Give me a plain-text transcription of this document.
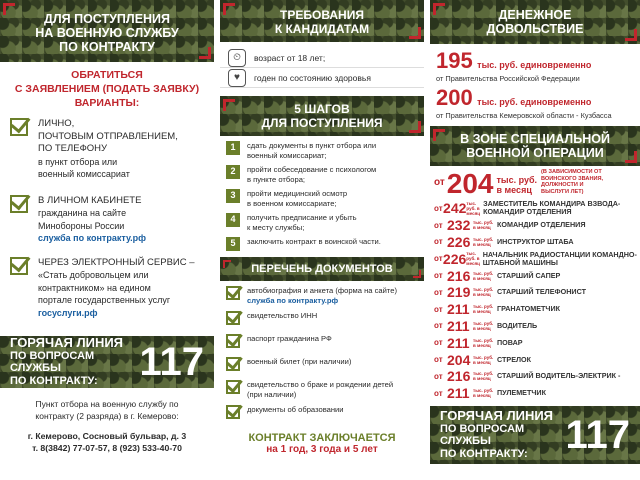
ДЛЯ ПОСТУПЛЕНИЯ
НА ВОЕННУЮ СЛУЖБУ
ПО КОНТРАКТУ
ОБРАТИТЬСЯ
С ЗАЯВЛЕНИЕМ (ПОДАТЬ ЗАЯВКУ)
ВАРИАНТЫ:
ЛИЧНО,
ПОЧТОВЫМ ОТПРАВЛЕНИЕМ,
ПО ТЕЛЕФОНУ
в пункт отбора или
военный комиссариат
В ЛИЧНОМ КАБИНЕТЕ
гражданина на сайте
Минобороны России
служба по контракту.рф
ЧЕРЕЗ ЭЛЕКТРОННЫЙ СЕРВИС –
«Стать добровольцем или
контрактником» на едином
портале государственных услуг
госуслуги.рф
ГОРЯЧАЯ ЛИНИЯ
ПО ВОПРОСАМ СЛУЖБЫ
ПО КОНТРАКТУ:	117
Пункт отбора на военную службу по
контракту (2 разряда) в г. Кемерово:
г. Кемерово, Сосновый бульвар, д. 3
т. 8(3842) 77-07-57, 8 (923) 533-40-70
ТРЕБОВАНИЯ
К КАНДИДАТАМ
⏲	возраст от 18 лет;
♥	годен по состоянию здоровья
5 ШАГОВ
ДЛЯ ПОСТУПЛЕНИЯ
1	сдать документы в пункт отбора или
военный комиссариат;
2	пройти собеседование с психологом
в пункте отбора;
3	пройти медицинский осмотр
в военном комиссариате;
4	получить предписание и убыть
к месту службы;
5	заключить контракт в воинской части.
ПЕРЕЧЕНЬ ДОКУМЕНТОВ
автобиография и анкета (форма на сайте)
служба по контракту.рф
свидетельство ИНН
паспорт гражданина РФ
военный билет (при наличии)
свидетельство о браке и рождении детей
(при наличии)
документы об образовании
КОНТРАКТ ЗАКЛЮЧАЕТСЯ
на 1 год, 3 года и 5 лет
ДЕНЕЖНОЕ
ДОВОЛЬСТВИЕ
195 тыс. руб. единовременно
от Правительства Российской Федерации
200 тыс. руб. единовременно
от Правительства Кемеровской области - Кузбасса
В ЗОНЕ СПЕЦИАЛЬНОЙ
ВОЕННОЙ ОПЕРАЦИИ
от 204 тыс. руб.
в месяц
(В ЗАВИСИМОСТИ ОТ ВОИНСКОГО ЗВАНИЯ, ДОЛЖНОСТИ И ВЫСЛУГИ ЛЕТ)
от 242 тыс. руб. в месяц
ЗАМЕСТИТЕЛЬ КОМАНДИРА ВЗВОДА-КОМАНДИР ОТДЕЛЕНИЯ
от 232 тыс. руб. в месяц КОМАНДИР ОТДЕЛЕНИЯ
от 226 тыс. руб. в месяц ИНСТРУКТОР ШТАБА
от 226 тыс. руб. в месяц
НАЧАЛЬНИК РАДИОСТАНЦИИ КОМАНДНО-ШТАБНОЙ МАШИНЫ
от 216 тыс. руб. в месяц СТАРШИЙ САПЕР
от 219 тыс. руб. в месяц СТАРШИЙ ТЕЛЕФОНИСТ
от 211 тыс. руб. в месяц ГРАНАТОМЕТЧИК
от 211 тыс. руб. в месяц ВОДИТЕЛЬ
от 211 тыс. руб. в месяц ПОВАР
от 204 тыс. руб. в месяц СТРЕЛОК
от 216 тыс. руб. в месяц СТАРШИЙ ВОДИТЕЛЬ-ЭЛЕКТРИК -
от 211 тыс. руб. в месяц ПУЛЕМЕТЧИК
ГОРЯЧАЯ ЛИНИЯ
ПО ВОПРОСАМ СЛУЖБЫ
ПО КОНТРАКТУ: 117
